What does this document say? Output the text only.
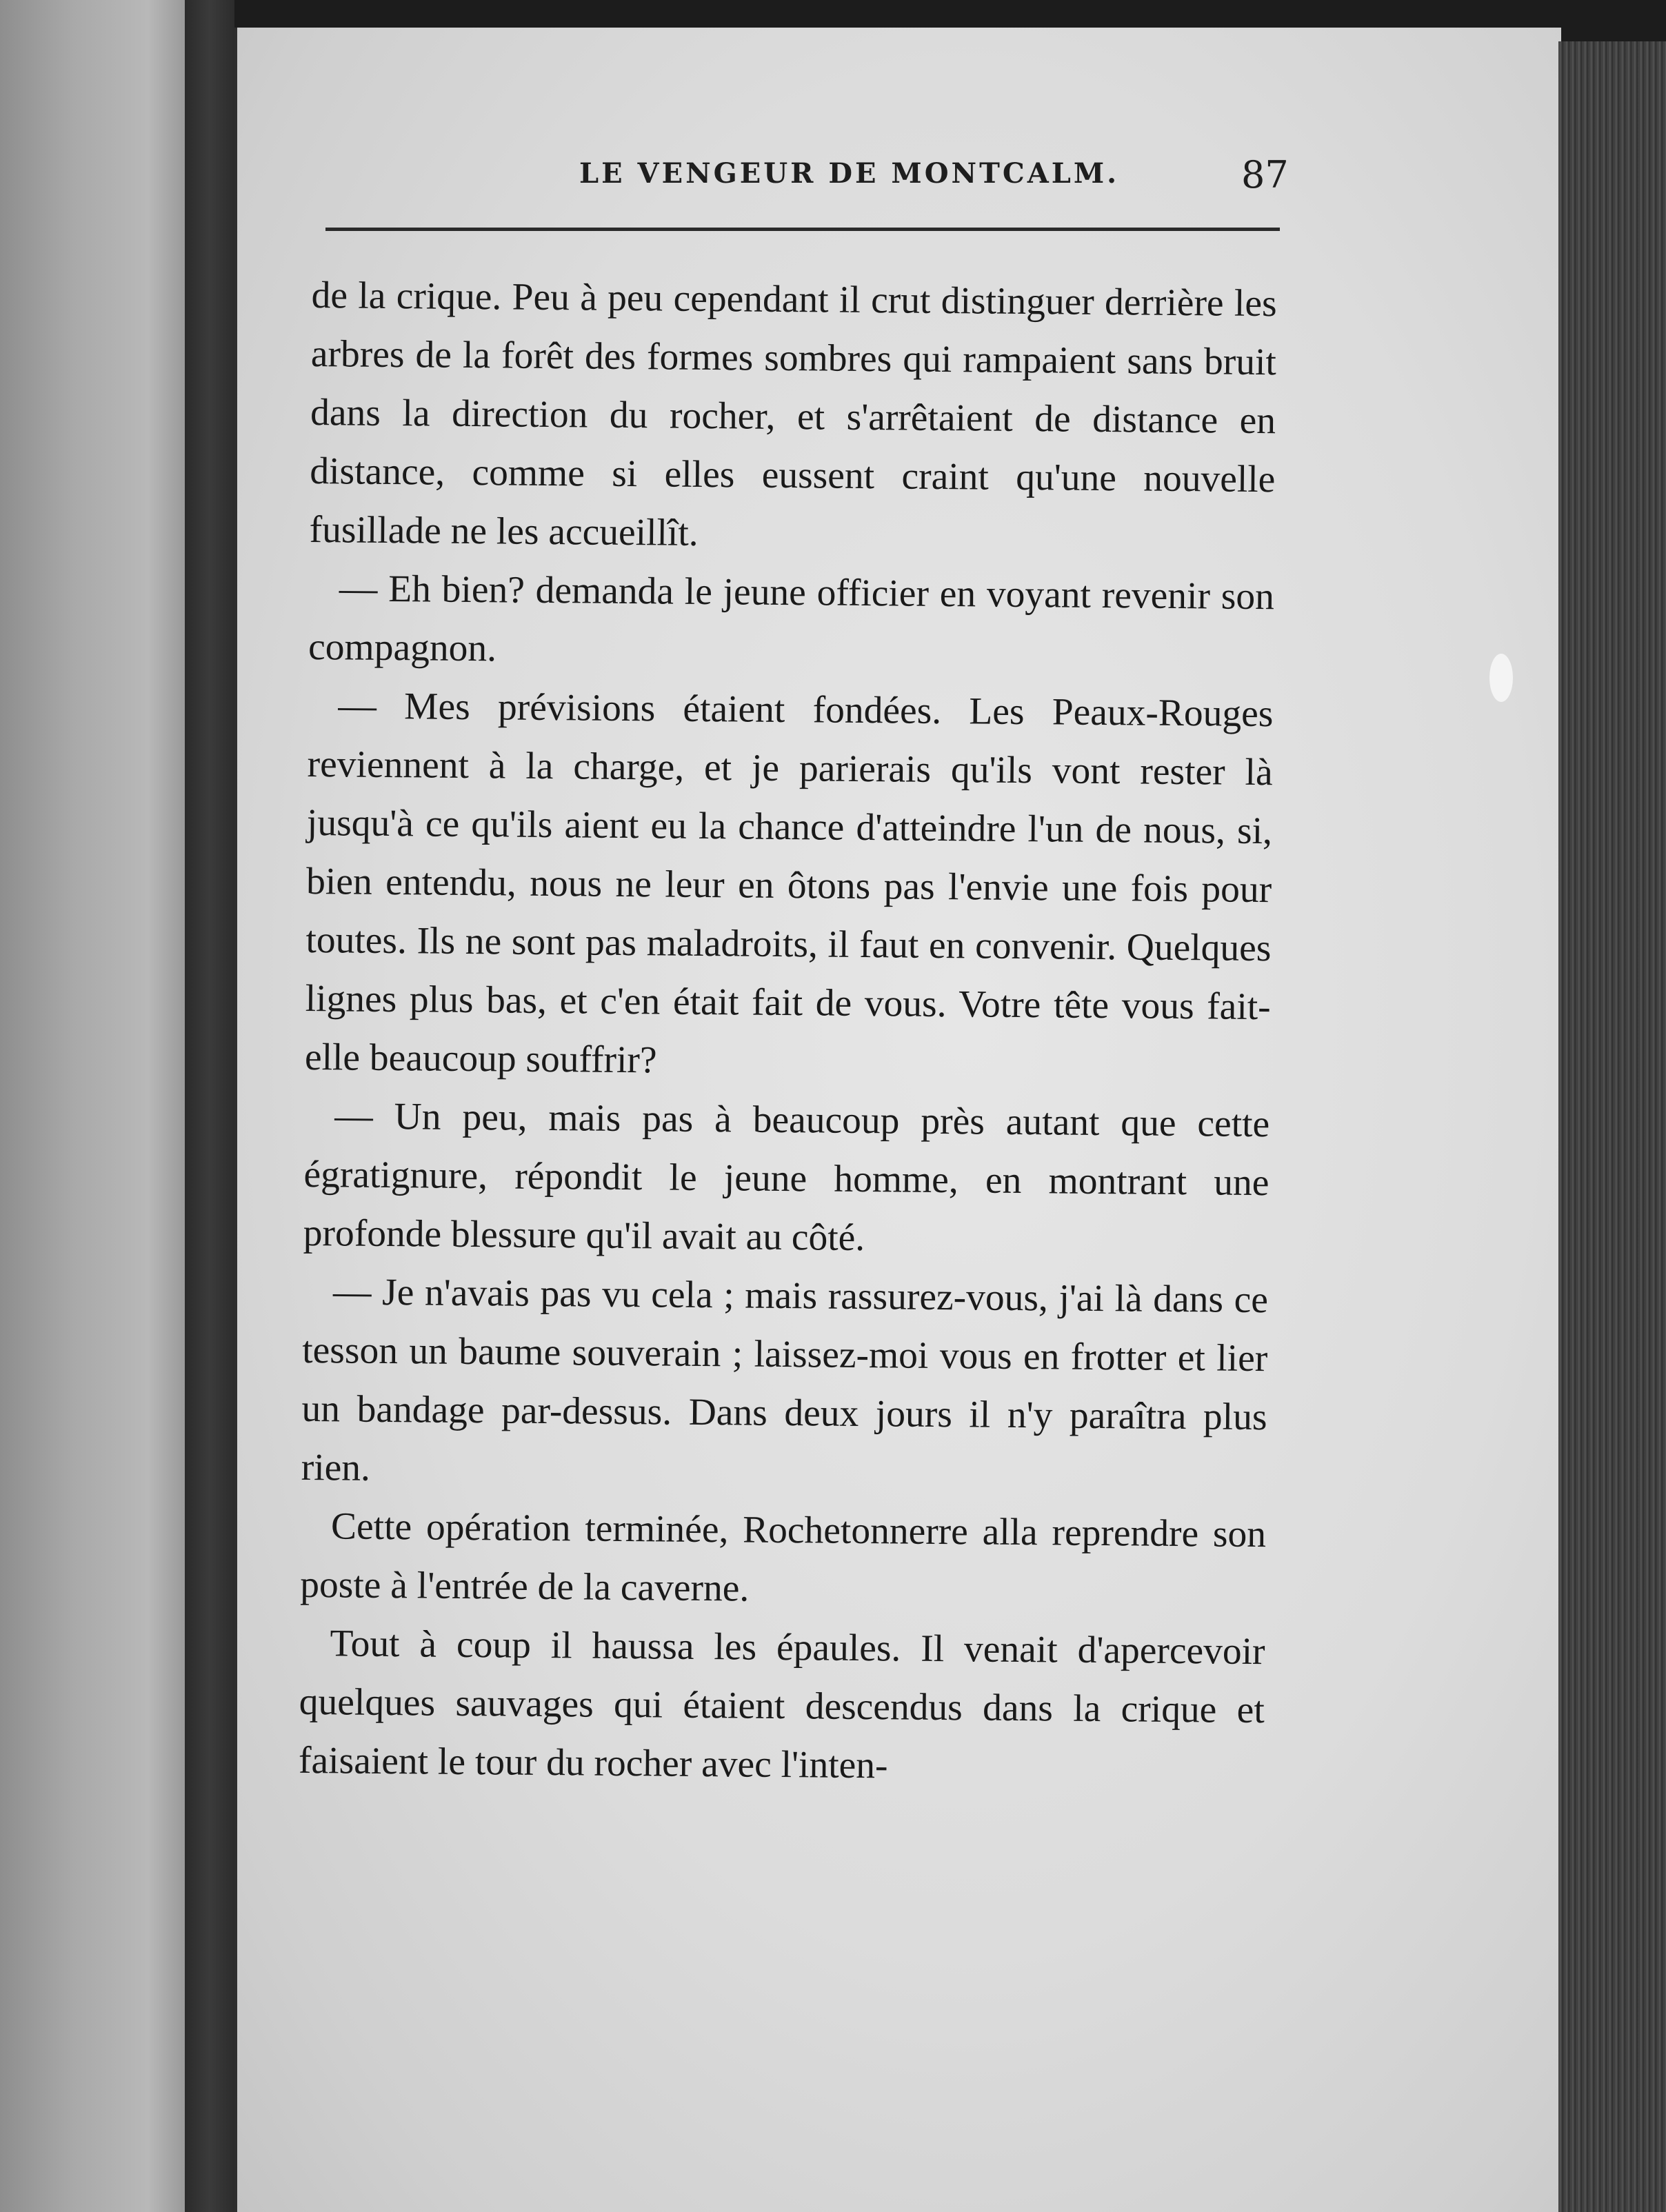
LE VENGEUR DE MONTCALM.	87

de la crique. Peu à peu cependant il crut distinguer derrière les arbres de la forêt des formes sombres qui rampaient sans bruit dans la direction du rocher, et s'arrêtaient de distance en distance, comme si elles eussent craint qu'une nouvelle fusillade ne les accueillît.

— Eh bien? demanda le jeune officier en voyant revenir son compagnon.

— Mes prévisions étaient fondées. Les Peaux-Rouges reviennent à la charge, et je parierais qu'ils vont rester là jusqu'à ce qu'ils aient eu la chance d'atteindre l'un de nous, si, bien entendu, nous ne leur en ôtons pas l'envie une fois pour toutes. Ils ne sont pas maladroits, il faut en convenir. Quelques lignes plus bas, et c'en était fait de vous. Votre tête vous fait-elle beaucoup souffrir?

— Un peu, mais pas à beaucoup près autant que cette égratignure, répondit le jeune homme, en montrant une profonde blessure qu'il avait au côté.

— Je n'avais pas vu cela ; mais rassurez-vous, j'ai là dans ce tesson un baume souverain ; laissez-moi vous en frotter et lier un bandage par-dessus. Dans deux jours il n'y paraîtra plus rien.

Cette opération terminée, Rochetonnerre alla reprendre son poste à l'entrée de la caverne.

Tout à coup il haussa les épaules. Il venait d'apercevoir quelques sauvages qui étaient descendus dans la crique et faisaient le tour du rocher avec l'inten-
